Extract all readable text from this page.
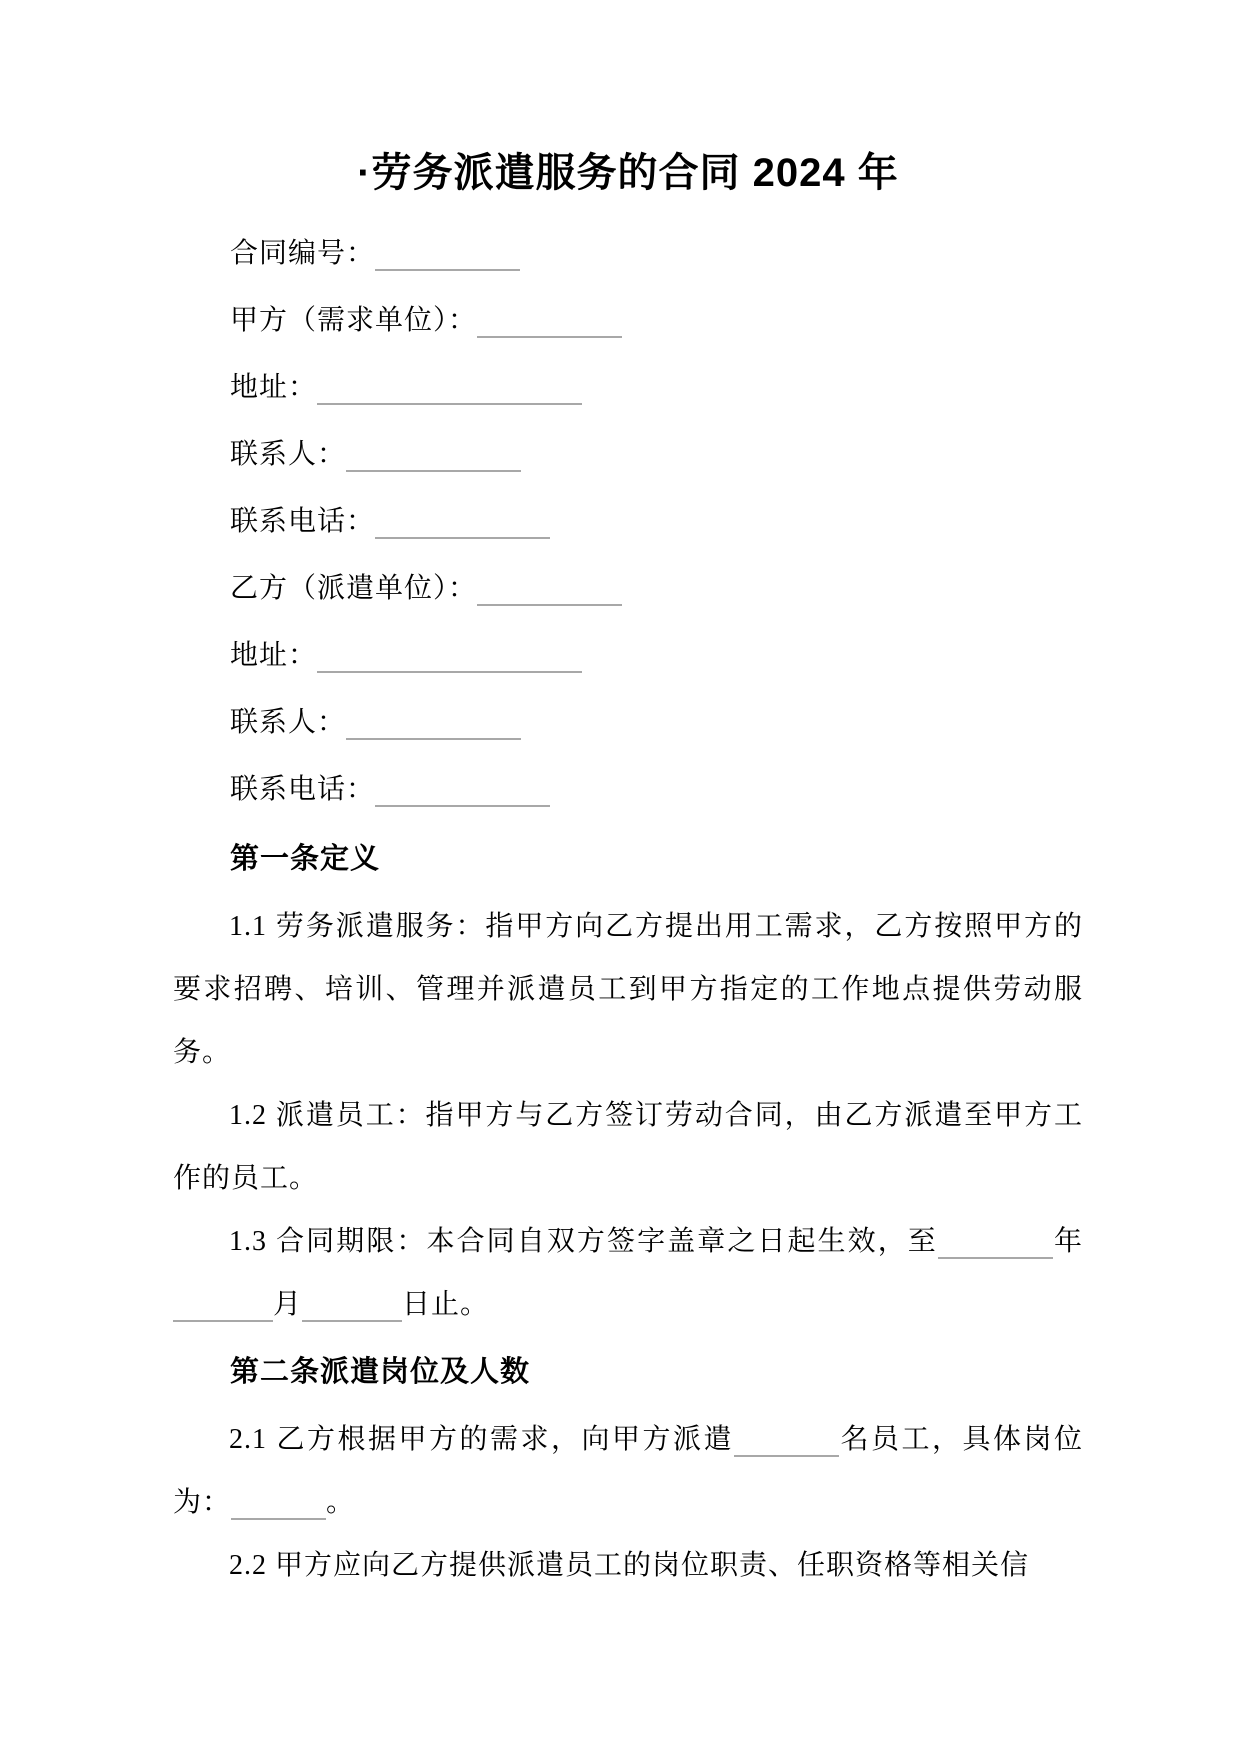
·劳务派遣服务的合同 2024 年
合同编号：
甲方（需求单位）：
地址：
联系人：
联系电话：
乙方（派遣单位）：
地址：
联系人：
联系电话：
第一条定义

1.1 劳务派遣服务：指甲方向乙方提出用工需求，乙方按照甲方的要求招聘、培训、管理并派遣员工到甲方指定的工作地点提供劳动服务。

1.2 派遣员工：指甲方与乙方签订劳动合同，由乙方派遣至甲方工作的员工。

1.3 合同期限：本合同自双方签字盖章之日起生效，至	年月	日止。

第二条派遣岗位及人数

2.1 乙方根据甲方的需求，向甲方派遣	名员工，具体岗位为：	。

2.2 甲方应向乙方提供派遣员工的岗位职责、任职资格等相关信
